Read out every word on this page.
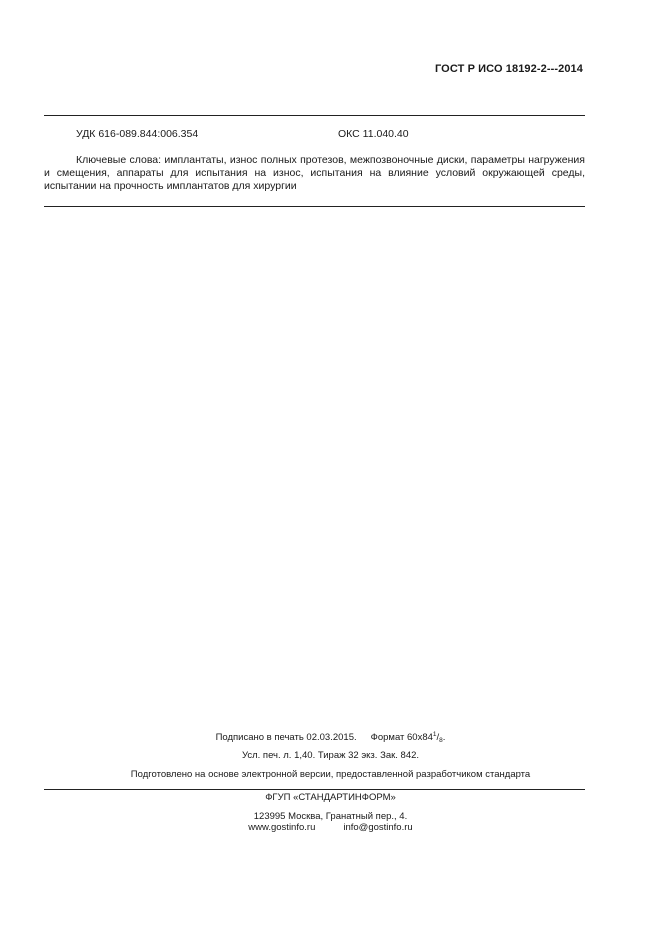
ГОСТ Р ИСО 18192-2---2014
УДК 616-089.844:006.354	ОКС 11.040.40
Ключевые слова: имплантаты, износ полных протезов, межпозвоночные диски, параметры нагружения и смещения, аппараты для испытания на износ, испытания на влияние условий окружающей среды, испытании на прочность имплантатов для хирургии
Подписано в печать 02.03.2015. Формат $60х84^1/_8$.
Усл. печ. л. 1,40. Тираж 32 экз. Зак. 842.
Подготовлено на основе электронной версии, предоставленной разработчиком стандарта
ФГУП «СТАНДАРТИНФОРМ»
123995 Москва, Гранатный пер., 4.
www.gostinfo.ru	info@gostinfo.ru
